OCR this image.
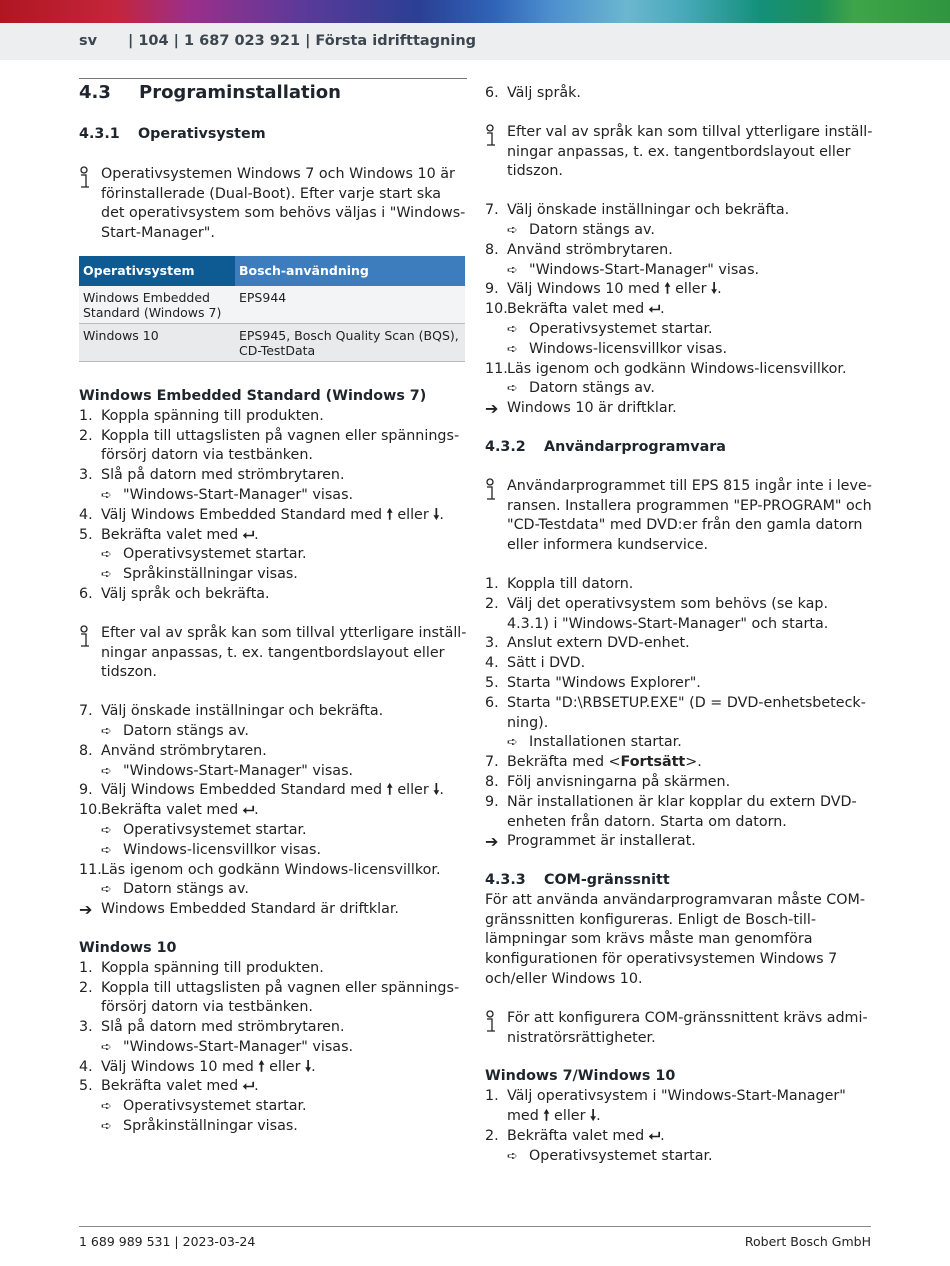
sv | 104 | 1 687 023 921 | Första idrifttagning
4.3	Programinstallation
4.3.1	Operativsystem
Operativsystemen Windows 7 och Windows 10 är förinstallerade (Dual-Boot). Efter varje start ska det operativsystem som behövs väljas i "Windows-Start-Manager".
Operativsystem	Bosch-användning
Windows Embedded Standard (Windows 7)	EPS944
Windows 10	EPS945, Bosch Quality Scan (BQS), CD-TestData
Windows Embedded Standard (Windows 7)
1. Koppla spänning till produkten.
2. Koppla till uttagslisten på vagnen eller spänningsförsörj datorn via testbänken.
3. Slå på datorn med strömbrytaren.
➪ "Windows-Start-Manager" visas.
4. Välj Windows Embedded Standard med 🠕 eller 🠗.
5. Bekräfta valet med ⮠.
➪ Operativsystemet startar.
➪ Språkinställningar visas.
6. Välj språk och bekräfta.
Efter val av språk kan som tillval ytterligare inställningar anpassas, t. ex. tangentbordslayout eller tidszon.
7. Välj önskade inställningar och bekräfta.
➪ Datorn stängs av.
8. Använd strömbrytaren.
➪ "Windows-Start-Manager" visas.
9. Välj Windows Embedded Standard med 🠕 eller 🠗.
10. Bekräfta valet med ⮠.
➪ Operativsystemet startar.
➪ Windows-licensvillkor visas.
11. Läs igenom och godkänn Windows-licensvillkor.
➪ Datorn stängs av.
➔ Windows Embedded Standard är driftklar.
Windows 10
1. Koppla spänning till produkten.
2. Koppla till uttagslisten på vagnen eller spänningsförsörj datorn via testbänken.
3. Slå på datorn med strömbrytaren.
➪ "Windows-Start-Manager" visas.
4. Välj Windows 10 med 🠕 eller 🠗.
5. Bekräfta valet med ⮠.
➪ Operativsystemet startar.
➪ Språkinställningar visas.
6. Välj språk.
Efter val av språk kan som tillval ytterligare inställningar anpassas, t. ex. tangentbordslayout eller tidszon.
7. Välj önskade inställningar och bekräfta.
➪ Datorn stängs av.
8. Använd strömbrytaren.
➪ "Windows-Start-Manager" visas.
9. Välj Windows 10 med 🠕 eller 🠗.
10. Bekräfta valet med ⮠.
➪ Operativsystemet startar.
➪ Windows-licensvillkor visas.
11. Läs igenom och godkänn Windows-licensvillkor.
➪ Datorn stängs av.
➔ Windows 10 är driftklar.
4.3.2	Användarprogramvara
Användarprogrammet till EPS 815 ingår inte i leveransen. Installera programmen "EP-PROGRAM" och "CD-Testdata" med DVD:er från den gamla datorn eller informera kundservice.
1. Koppla till datorn.
2. Välj det operativsystem som behövs (se kap. 4.3.1) i "Windows-Start-Manager" och starta.
3. Anslut extern DVD-enhet.
4. Sätt i DVD.
5. Starta "Windows Explorer".
6. Starta "D:\RBSETUP.EXE" (D = DVD-enhetsbeteckning).
➪ Installationen startar.
7. Bekräfta med <Fortsätt>.
8. Följ anvisningarna på skärmen.
9. När installationen är klar kopplar du extern DVD-enheten från datorn. Starta om datorn.
➔ Programmet är installerat.
4.3.3	COM-gränssnitt
För att använda användarprogramvaran måste COM-gränssnitten konfigureras. Enligt de Bosch-tilllämpningar som krävs måste man genomföra konfigurationen för operativsystemen Windows 7 och/eller Windows 10.
För att konfigurera COM-gränssnittent krävs administratörsrättigheter.
Windows 7/Windows 10
1. Välj operativsystem i "Windows-Start-Manager" med 🠕 eller 🠗.
2. Bekräfta valet med ⮠.
➪ Operativsystemet startar.
1 689 989 531 | 2023-03-24	Robert Bosch GmbH
